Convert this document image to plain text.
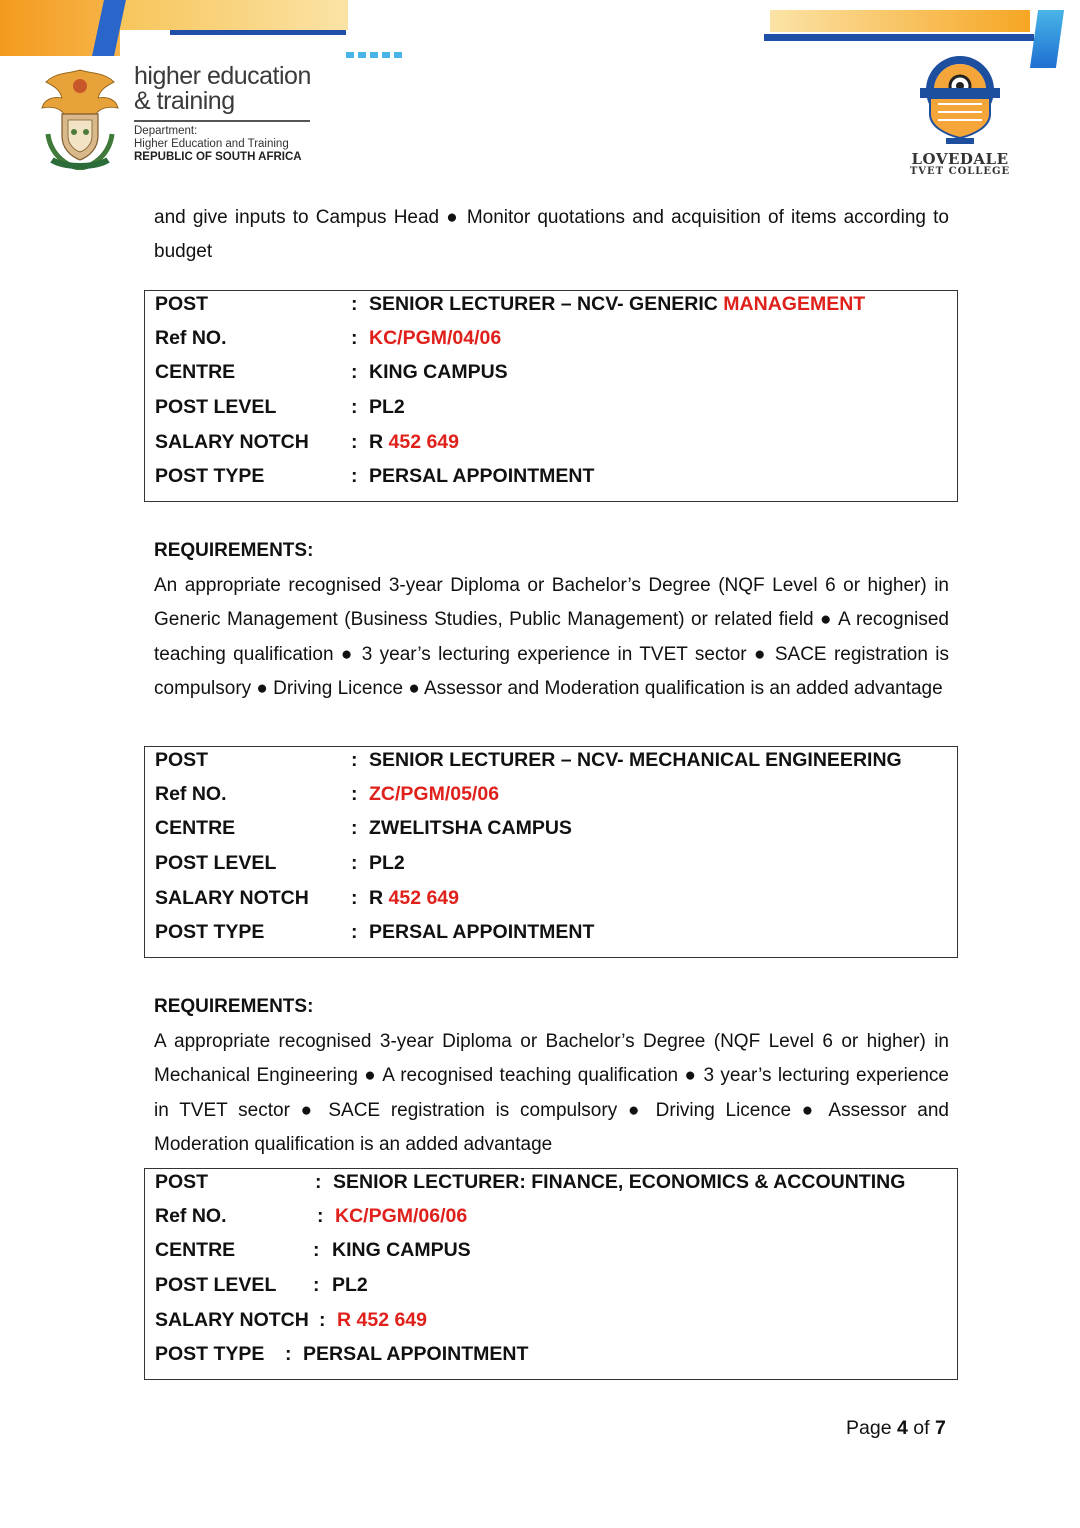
higher education
& training
Department:
Higher Education and Training
REPUBLIC OF SOUTH AFRICA	LOVEDALE
TVET COLLEGE

and give inputs to Campus Head ● Monitor quotations and acquisition of items according to budget

POST	: SENIOR LECTURER – NCV- GENERIC MANAGEMENT
Ref NO.	: KC/PGM/04/06
CENTRE	: KING CAMPUS
POST LEVEL	: PL2
SALARY NOTCH : R 452 649
POST TYPE	: PERSAL APPOINTMENT
REQUIREMENTS:

An appropriate recognised 3-year Diploma or Bachelor’s Degree (NQF Level 6 or higher) in Generic Management (Business Studies, Public Management) or related field ● A recognised teaching qualification ● 3 year’s lecturing experience in TVET sector ● SACE registration is compulsory ● Driving Licence ● Assessor and Moderation qualification is an added advantage

POST	: SENIOR LECTURER – NCV- MECHANICAL ENGINEERING
Ref NO.	: ZC/PGM/05/06
CENTRE	: ZWELITSHA CAMPUS
POST LEVEL	: PL2
SALARY NOTCH : R 452 649
POST TYPE	: PERSAL APPOINTMENT
REQUIREMENTS:

A appropriate recognised 3-year Diploma or Bachelor’s Degree (NQF Level 6 or higher) in Mechanical Engineering ● A recognised teaching qualification ● 3 year’s lecturing experience in TVET sector ● SACE registration is compulsory ● Driving Licence ● Assessor and Moderation qualification is an added advantage

POST	: SENIOR LECTURER: FINANCE, ECONOMICS & ACCOUNTING
Ref NO.	: KC/PGM/06/06
CENTRE	: KING CAMPUS
POST LEVEL : PL2
SALARY NOTCH : R 452 649
POST TYPE : PERSAL APPOINTMENT
Page 4 of 7
